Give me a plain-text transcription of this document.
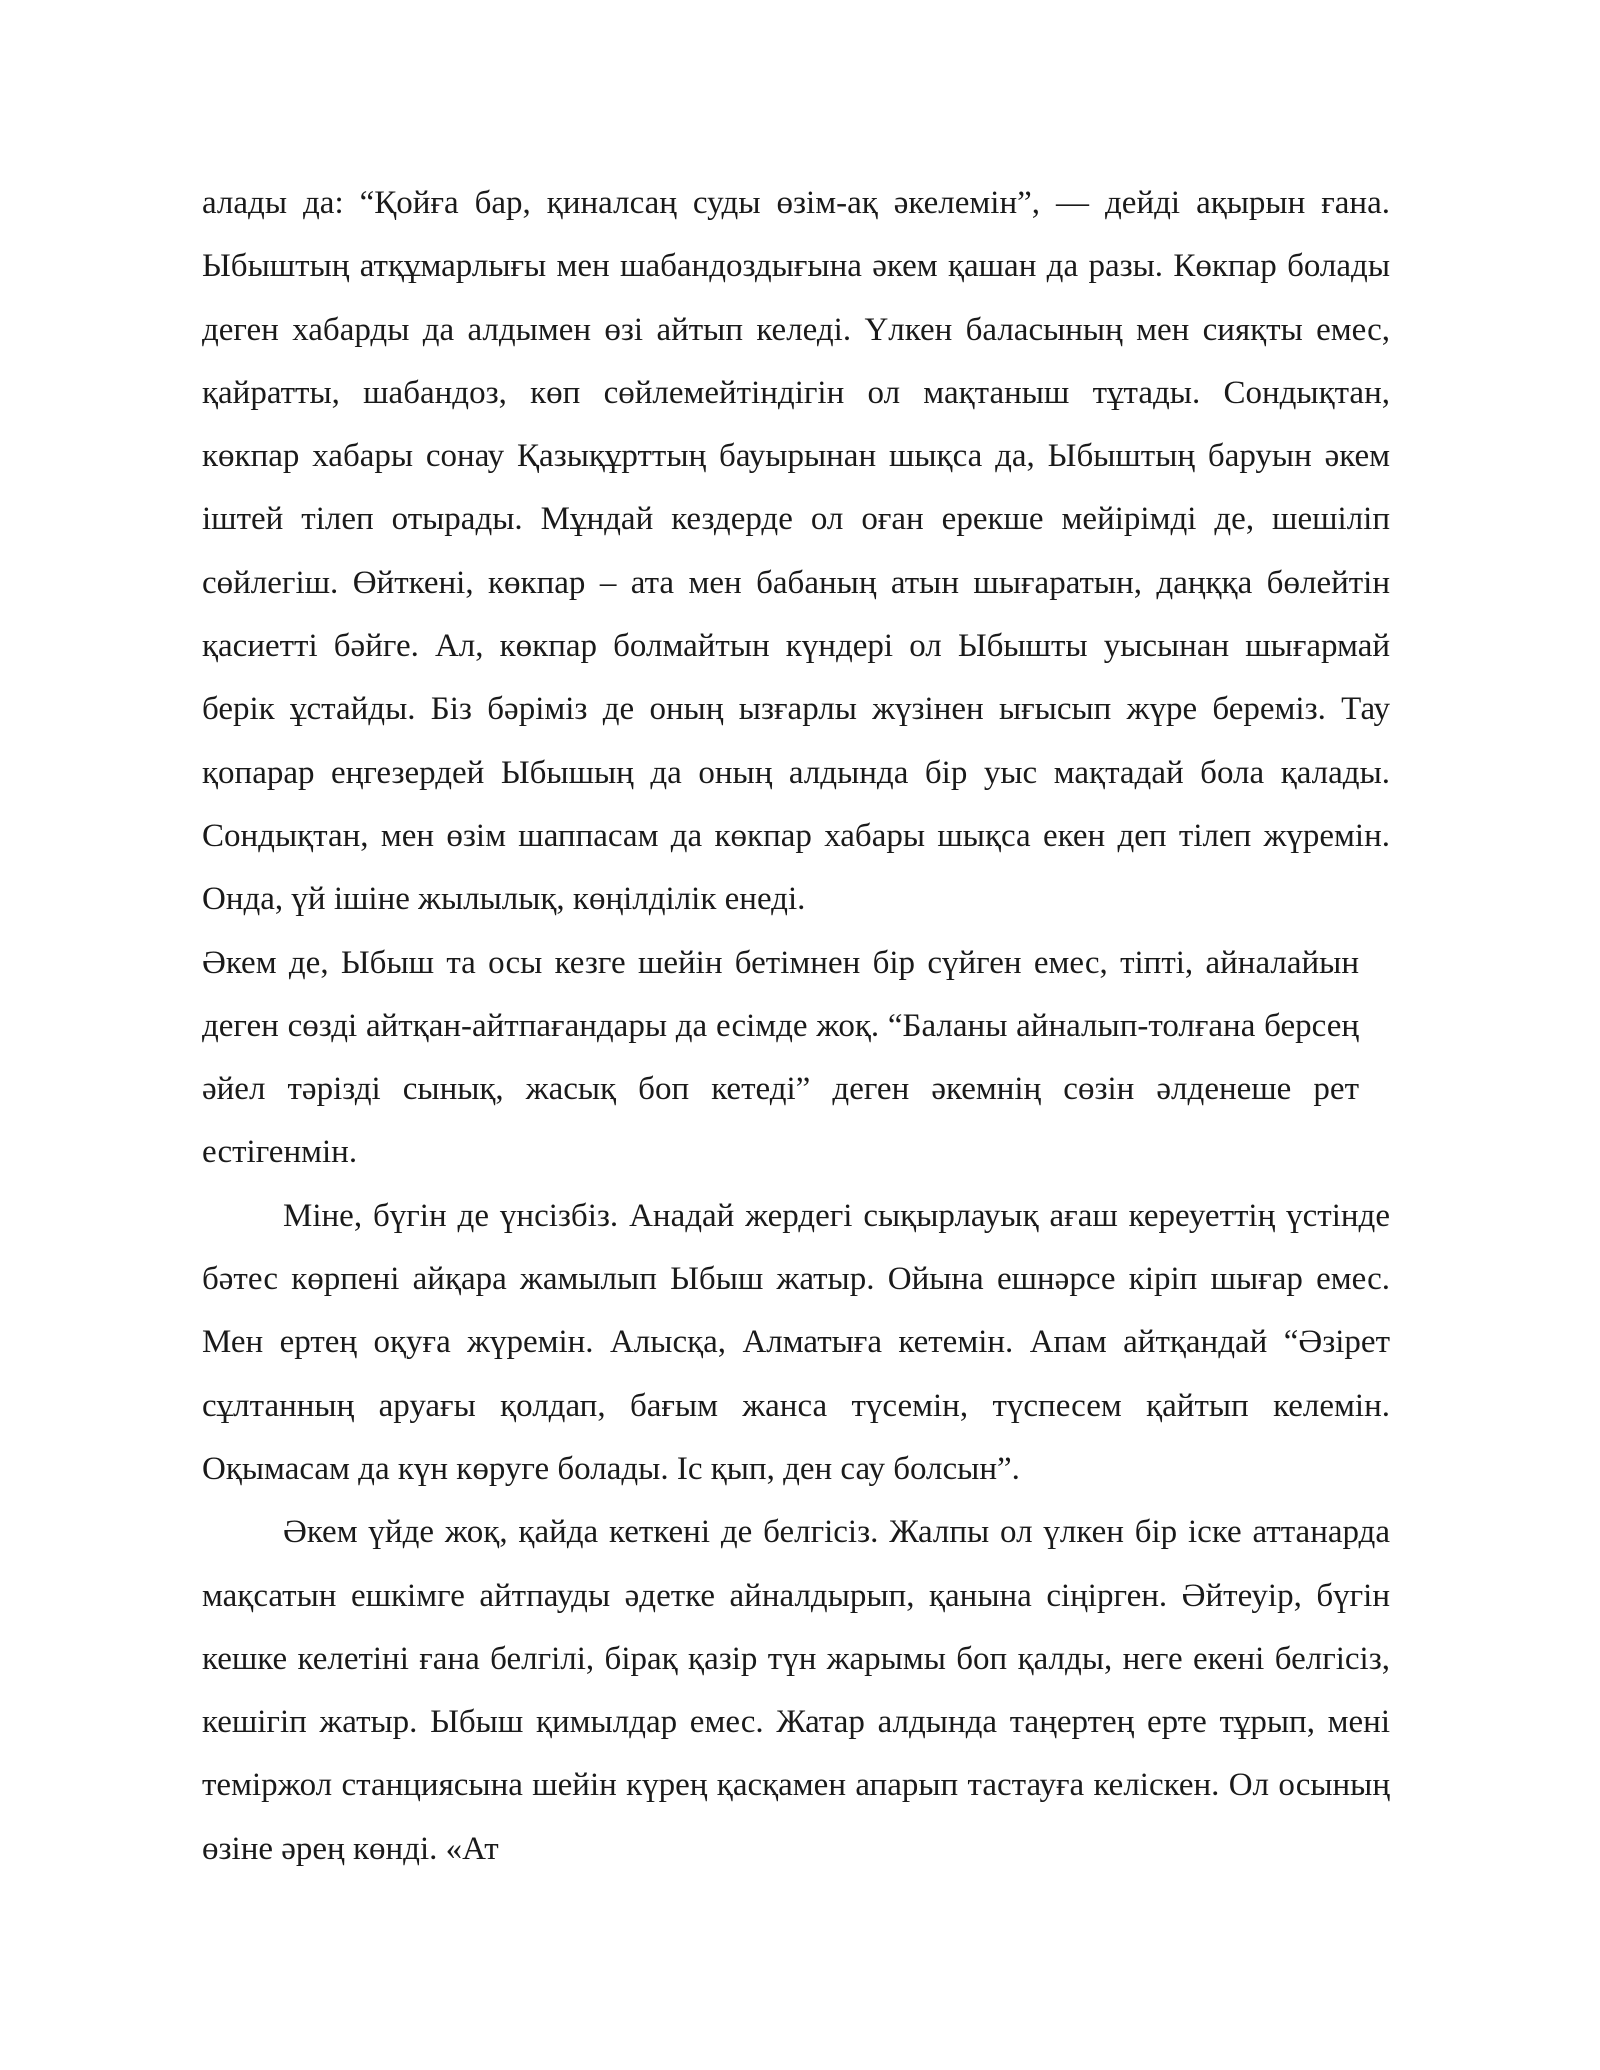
алады да: “Қойға бар, қиналсаң суды өзім-ақ әкелемін”, — дейді ақырын ғана. Ыбыштың атқұмарлығы мен шабандоздығына әкем қашан да разы. Көкпар болады деген хабарды да алдымен өзі айтып келеді. Үлкен баласының мен сияқты емес, қайратты, шабандоз, көп сөйлемейтіндігін ол мақтаныш тұтады. Сондықтан, көкпар хабары сонау Қазықұрттың бауырынан шықса да, Ыбыштың баруын әкем іштей тілеп отырады. Мұндай кездерде ол оған ерекше мейірімді де, шешіліп сөйлегіш. Өйткені, көкпар – ата мен бабаның атын шығаратын, даңққа бөлейтін қасиетті бәйге. Ал, көкпар болмайтын күндері ол Ыбышты уысынан шығармай берік ұстайды. Біз бәріміз де оның ызғарлы жүзінен ығысып жүре береміз. Тау қопарар еңгезердей Ыбышың да оның алдында бір уыс мақтадай бола қалады. Сондықтан, мен өзім шаппасам да көкпар хабары шықса екен деп тілеп жүремін. Онда, үй ішіне жылылық, көңілділік енеді.

Әкем де, Ыбыш та осы кезге шейін бетімнен бір сүйген емес, тіпті, айналайын деген сөзді айтқан-айтпағандары да есімде жоқ. “Баланы айналып-толғана берсең әйел тәрізді сынық, жасық боп кетеді” деген әкемнің сөзін әлденеше рет естігенмін.

Міне, бүгін де үнсізбіз. Анадай жердегі сықырлауық ағаш кереуеттің үстінде бәтес көрпені айқара жамылып Ыбыш жатыр. Ойына ешнәрсе кіріп шығар емес. Мен ертең оқуға жүремін. Алысқа, Алматыға кетемін. Апам айтқандай “Әзірет сұлтанның аруағы қолдап, бағым жанса түсемін, түспесем қайтып келемін. Оқымасам да күн көруге болады. Іс қып, ден сау болсын”.

Әкем үйде жоқ, қайда кеткені де белгісіз. Жалпы ол үлкен бір іске аттанарда мақсатын ешкімге айтпауды әдетке айналдырып, қанына сіңірген. Әйтеуір, бүгін кешке келетіні ғана белгілі, бірақ қазір түн жарымы боп қалды, неге екені белгісіз, кешігіп жатыр. Ыбыш қимылдар емес. Жатар алдында таңертең ерте тұрып, мені теміржол станциясына шейін күрең қасқамен апарып тастауға келіскен. Ол осының өзіне әрең көнді. «Ат
